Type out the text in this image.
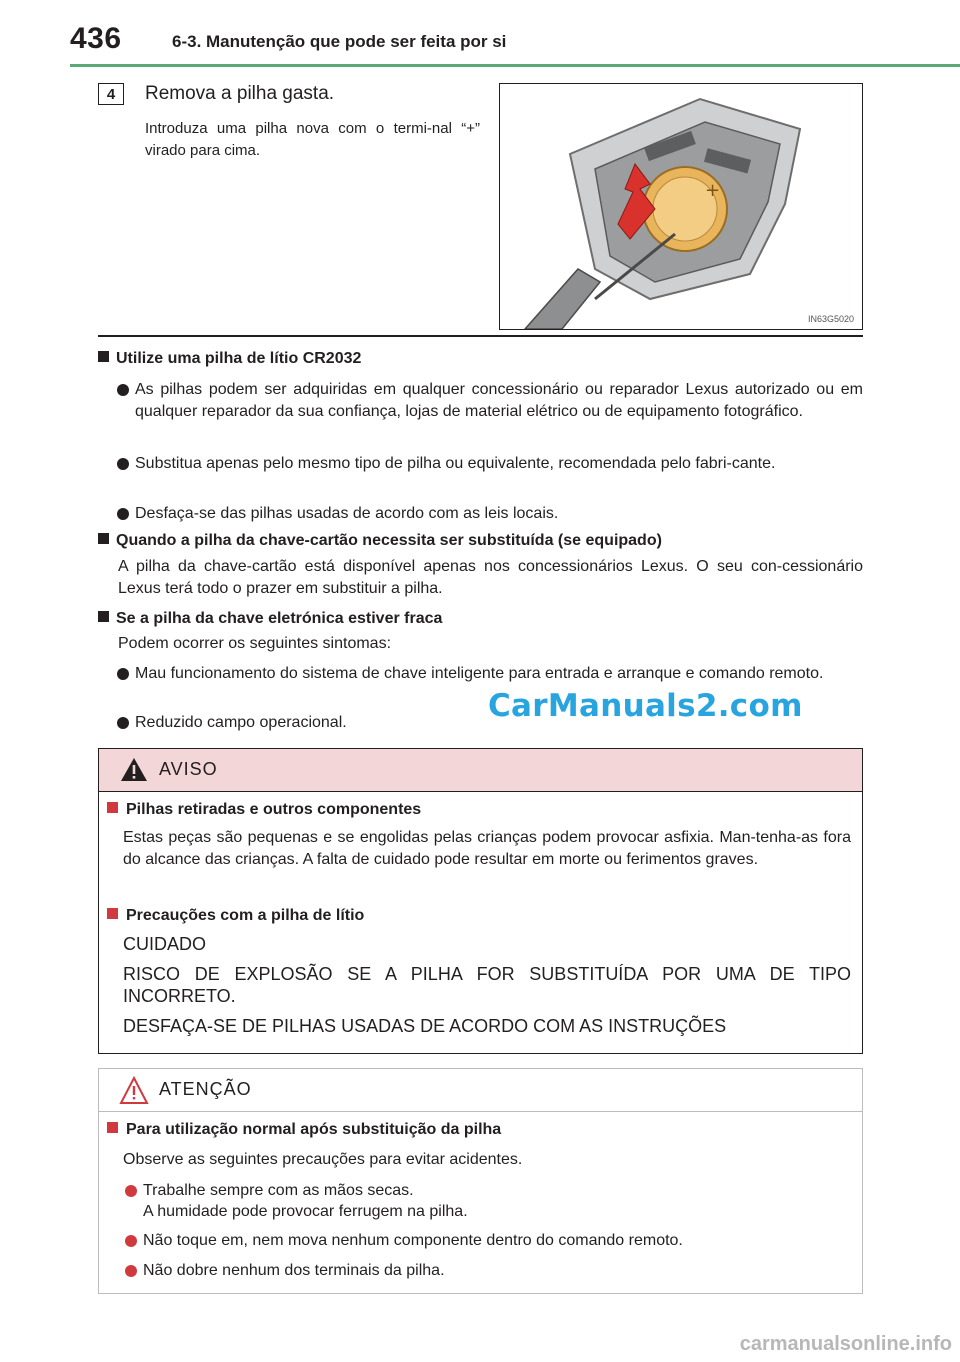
436	6-3. Manutenção que pode ser feita por si
4	Remova a pilha gasta.
Introduza uma pilha nova com o termi-nal “+” virado para cima.
+
IN63G5020
Utilize uma pilha de lítio CR2032
As pilhas podem ser adquiridas em qualquer concessionário ou reparador Lexus autorizado ou em qualquer reparador da sua confiança, lojas de material elétrico ou de equipamento fotográfico.
Substitua apenas pelo mesmo tipo de pilha ou equivalente, recomendada pelo fabri-cante.
Desfaça-se das pilhas usadas de acordo com as leis locais.
Quando a pilha da chave-cartão necessita ser substituída (se equipado)
A pilha da chave-cartão está disponível apenas nos concessionários Lexus. O seu con-cessionário Lexus terá todo o prazer em substituir a pilha.
Se a pilha da chave eletrónica estiver fraca
Podem ocorrer os seguintes sintomas:
Mau funcionamento do sistema de chave inteligente para entrada e arranque e comando remoto.
Reduzido campo operacional.	CarManuals2.com
AVISO
Pilhas retiradas e outros componentes
Estas peças são pequenas e se engolidas pelas crianças podem provocar asfixia. Man-tenha-as fora do alcance das crianças. A falta de cuidado pode resultar em morte ou ferimentos graves.
Precauções com a pilha de lítio
CUIDADO
RISCO DE EXPLOSÃO SE A PILHA FOR SUBSTITUÍDA POR UMA DE TIPO INCORRETO.
DESFAÇA-SE DE PILHAS USADAS DE ACORDO COM AS INSTRUÇÕES
ATENÇÃO
Para utilização normal após substituição da pilha
Observe as seguintes precauções para evitar acidentes.
Trabalhe sempre com as mãos secas.
A humidade pode provocar ferrugem na pilha.
Não toque em, nem mova nenhum componente dentro do comando remoto.
Não dobre nenhum dos terminais da pilha.
carmanualsonline.info
